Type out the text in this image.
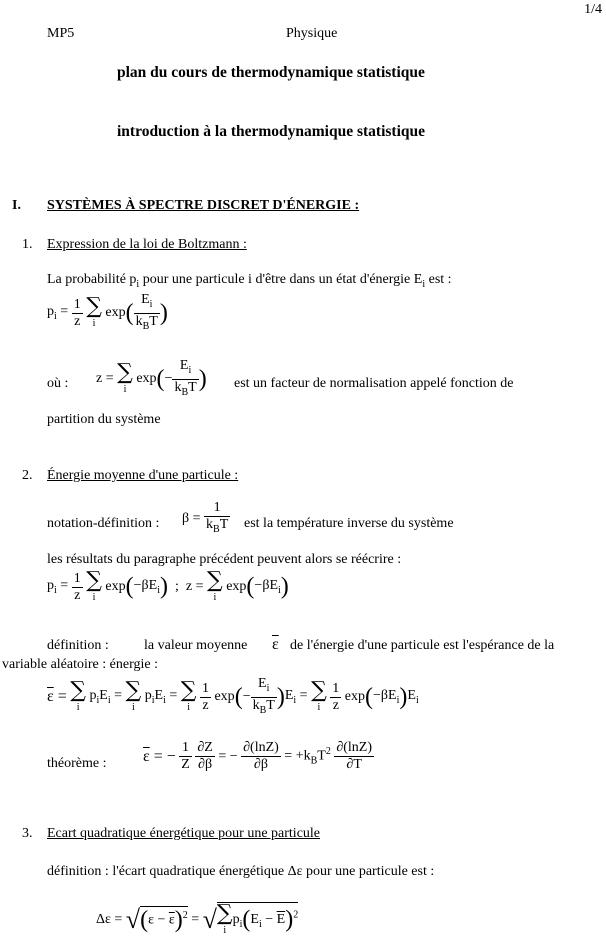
1/4
MP5	Physique
plan du cours de thermodynamique statistique
introduction à la thermodynamique statistique
I. SYSTÈMES À SPECTRE DISCRET D'ÉNERGIE :
1. Expression de la loi de Boltzmann :
La probabilité $p_i$ pour une particule i d'être dans un état d'énergie $E_i$ est :
$p_i = \frac{1}{z}$
∑
i
$\exp( \frac{E_i}{k_BT}$ )
où : z = ∑
i
$\exp(- \frac{E_i}{k_BT}$ ) est un facteur de normalisation appelé fonction de
partition du système
2. Énergie moyenne d'une particule :
notation-définition : $\beta = \frac{1}{k_BT}$ est la température inverse du système
les résultats du paragraphe précédent peuvent alors se réécrire :
$p_i = \frac{1}{z}$
∑
i
$\exp(-\beta E_i)$  ;  z = ∑
i
$\exp(-\beta E_i)$
définition :	la valeur moyenne $\overline{\varepsilon}$ de l'énergie d'une particule est l'espérance de la
variable aléatoire : énergie :
$\overline{\varepsilon}$ = ∑
i
$p_iE_i$ = ∑
i
$p_iE_i$ = ∑
i
$\frac{1}{z} \exp(- \frac{E_i}{k_BT} )E_i$ = ∑
i
$\frac{1}{z} \exp(-\beta E_i)E_i$
théorème : $\overline{\varepsilon}$ = − $\frac{1}{Z}$
$\frac{\partial Z}{\partial\beta}$ = − $\frac{\partial(\ln Z)}{\partial\beta} = +k_BT^2 \frac{\partial(\ln Z)}{\partial T}$
3. Ecart quadratique énergétique pour une particule
définition : l'écart quadratique énergétique Δε pour une particule est :
$\Delta\varepsilon = √(\varepsilon - \overline{\varepsilon})^2$ = √ ∑
i
$p_i(E_i - \overline{E})^2$
